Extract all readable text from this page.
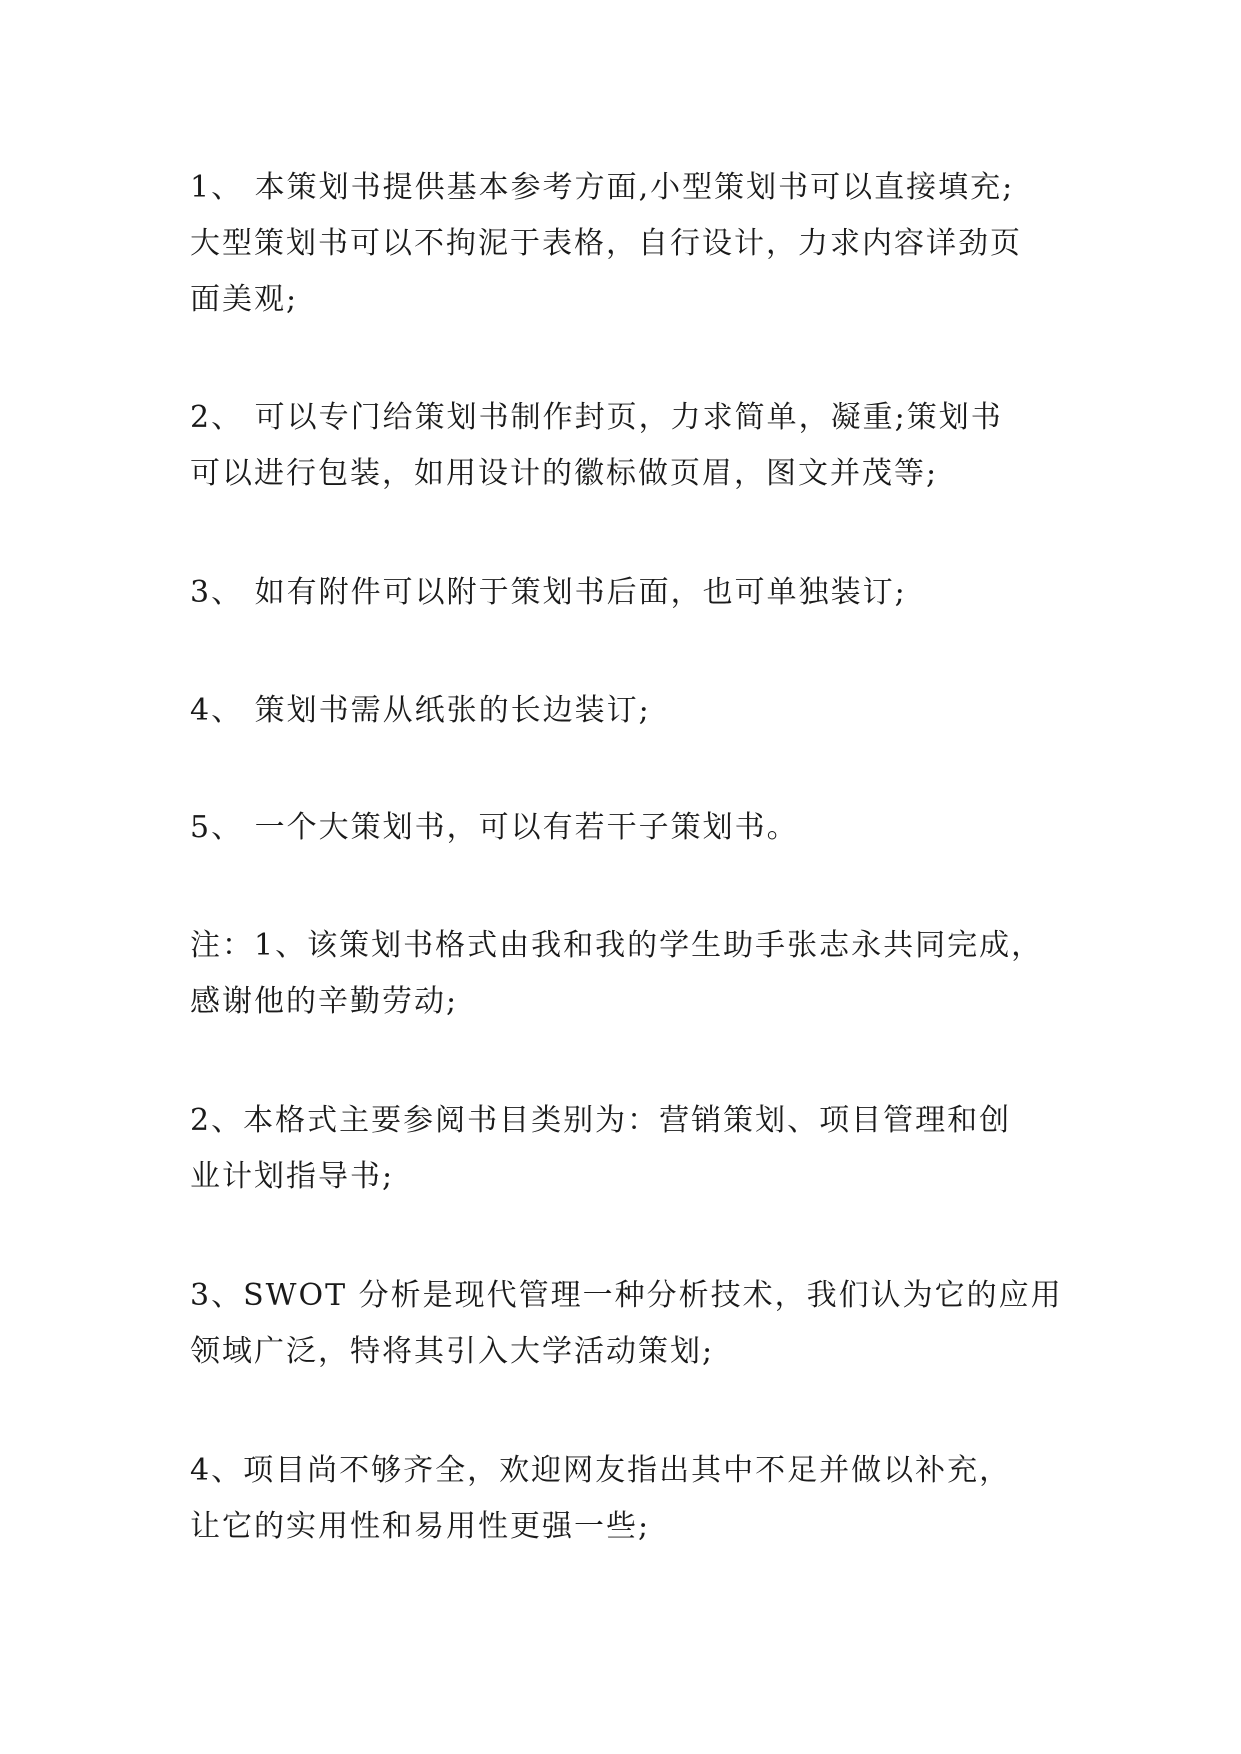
1、 本策划书提供基本参考方面,小型策划书可以直接填充;
大型策划书可以不拘泥于表格，自行设计，力求内容详劲页
面美观;
2、 可以专门给策划书制作封页，力求简单，凝重;策划书
可以进行包装，如用设计的徽标做页眉，图文并茂等;
3、 如有附件可以附于策划书后面，也可单独装订;
4、 策划书需从纸张的长边装订;
5、 一个大策划书，可以有若干子策划书。
注：1、该策划书格式由我和我的学生助手张志永共同完成，
感谢他的辛勤劳动;
2、本格式主要参阅书目类别为：营销策划、项目管理和创
业计划指导书;
3、SWOT 分析是现代管理一种分析技术，我们认为它的应用
领域广泛，特将其引入大学活动策划;
4、项目尚不够齐全，欢迎网友指出其中不足并做以补充，
让它的实用性和易用性更强一些;
